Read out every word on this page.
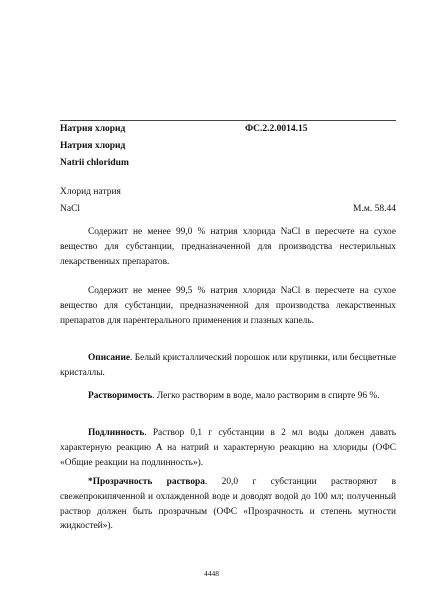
Натрия хлорид	ФС.2.2.0014.15
Натрия хлорид
Natrii chloridum
Хлорид натрия
NaCl	М.м. 58.44

Содержит не менее 99,0 % натрия хлорида NaCl в пересчете на сухое вещество для субстанции, предназначенной для производства нестерильных лекарственных препаратов.

Содержит не менее 99,5 % натрия хлорида NaCl в пересчете на сухое вещество для субстанции, предназначенной для производства лекарственных препаратов для парентерального применения и глазных капель.

Описание. Белый кристаллический порошок или крупинки, или бесцветные кристаллы.

Растворимость. Легко растворим в воде, мало растворим в спирте 96 %.

Подлинность. Раствор 0,1 г субстанции в 2 мл воды должен давать характерную реакцию А на натрий и характерную реакцию на хлориды (ОФС «Общие реакции на подлинность»).

*Прозрачность раствора. 20,0 г субстанции растворяют в свежепрокипяченной и охлажденной воде и доводят водой до 100 мл; полученный раствор должен быть прозрачным (ОФС «Прозрачность и степень мутности жидкостей»).

4448
